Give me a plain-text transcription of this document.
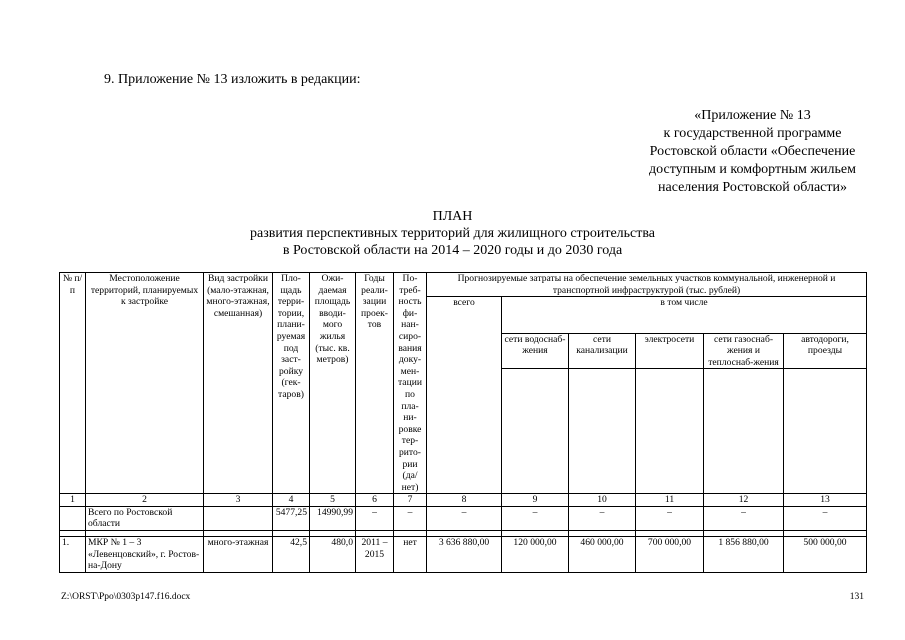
9. Приложение № 13 изложить в редакции:
«Приложение № 13
к государственной программе
Ростовской области «Обеспечение
доступным и комфортным жильем
населения Ростовской области»
ПЛАН
развития перспективных территорий для жилищного строительства
в Ростовской области на 2014 – 2020 годы и до 2030 года
№ п/п	Местоположение территорий, планируемых к застройке	Вид застройки (мало-этажная, много-этажная, смешанная)	Пло-щадь терри-тории, плани-руемая под заст-ройку (гек-таров)	Ожи-даемая площадь вводи-мого жилья (тыс. кв. метров)	Годы реали-зации проек-тов	По-треб-ность фи-нан-сиро-вания доку-мен-тации по пла-ни-ровке тер-рито-рии (да/ нет)	Прогнозируемые затраты на обеспечение земельных участков коммунальной, инженерной и транспортной инфраструктурой (тыс. рублей)					
							всего	в том числе				
								сети водоснаб-жения	сети канализации	электросети	сети газоснаб-жения и теплоснаб-жения	автодороги, проезды

1	2	3	4	5	6	7	8	9	10	11	12	13
	Всего по Ростовской области		5477,25	14990,99	–	–	–	–	–	–	–	–

1.	МКР № 1 – 3 «Левенцовский», г. Ростов-на-Дону	много-этажная	42,5	480,0	2011 – 2015	нет	3 636 880,00	120 000,00	460 000,00	700 000,00	1 856 880,00	500 000,00
Z:\ORST\Ppo\0303p147.f16.docx	131
